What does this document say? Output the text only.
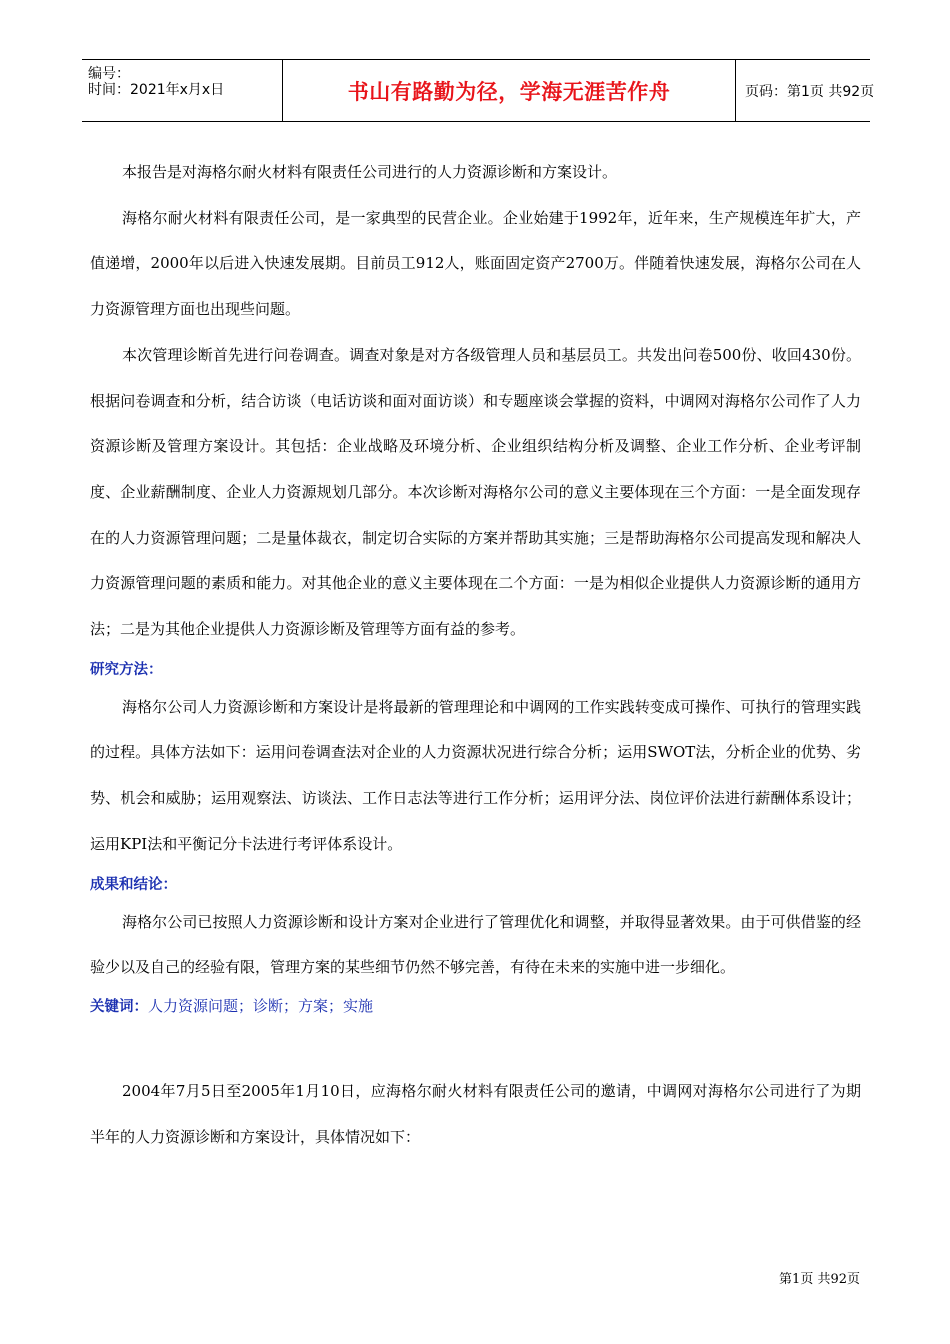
编号：
时间：2021年x月x日	书山有路勤为径，学海无涯苦作舟	页码：第1页 共92页

本报告是对海格尔耐火材料有限责任公司进行的人力资源诊断和方案设计。

海格尔耐火材料有限责任公司，是一家典型的民营企业。企业始建于1992年，近年来，生产规模连年扩大，产值递增，2000年以后进入快速发展期。目前员工912人，账面固定资产2700万。伴随着快速发展，海格尔公司在人力资源管理方面也出现些问题。

本次管理诊断首先进行问卷调查。调查对象是对方各级管理人员和基层员工。共发出问卷500份、收回430份。根据问卷调查和分析，结合访谈（电话访谈和面对面访谈）和专题座谈会掌握的资料，中调网对海格尔公司作了人力资源诊断及管理方案设计。其包括：企业战略及环境分析、企业组织结构分析及调整、企业工作分析、企业考评制度、企业薪酬制度、企业人力资源规划几部分。本次诊断对海格尔公司的意义主要体现在三个方面：一是全面发现存在的人力资源管理问题；二是量体裁衣，制定切合实际的方案并帮助其实施；三是帮助海格尔公司提高发现和解决人力资源管理问题的素质和能力。对其他企业的意义主要体现在二个方面：一是为相似企业提供人力资源诊断的通用方法；二是为其他企业提供人力资源诊断及管理等方面有益的参考。

研究方法：

海格尔公司人力资源诊断和方案设计是将最新的管理理论和中调网的工作实践转变成可操作、可执行的管理实践的过程。具体方法如下：运用问卷调查法对企业的人力资源状况进行综合分析；运用SWOT法，分析企业的优势、劣势、机会和威胁；运用观察法、访谈法、工作日志法等进行工作分析；运用评分法、岗位评价法进行薪酬体系设计；运用KPI法和平衡记分卡法进行考评体系设计。

成果和结论：

海格尔公司已按照人力资源诊断和设计方案对企业进行了管理优化和调整，并取得显著效果。由于可供借鉴的经验少以及自己的经验有限，管理方案的某些细节仍然不够完善，有待在未来的实施中进一步细化。

关键词：人力资源问题；诊断；方案；实施

2004年7月5日至2005年1月10日，应海格尔耐火材料有限责任公司的邀请，中调网对海格尔公司进行了为期半年的人力资源诊断和方案设计，具体情况如下：

第1页 共92页
